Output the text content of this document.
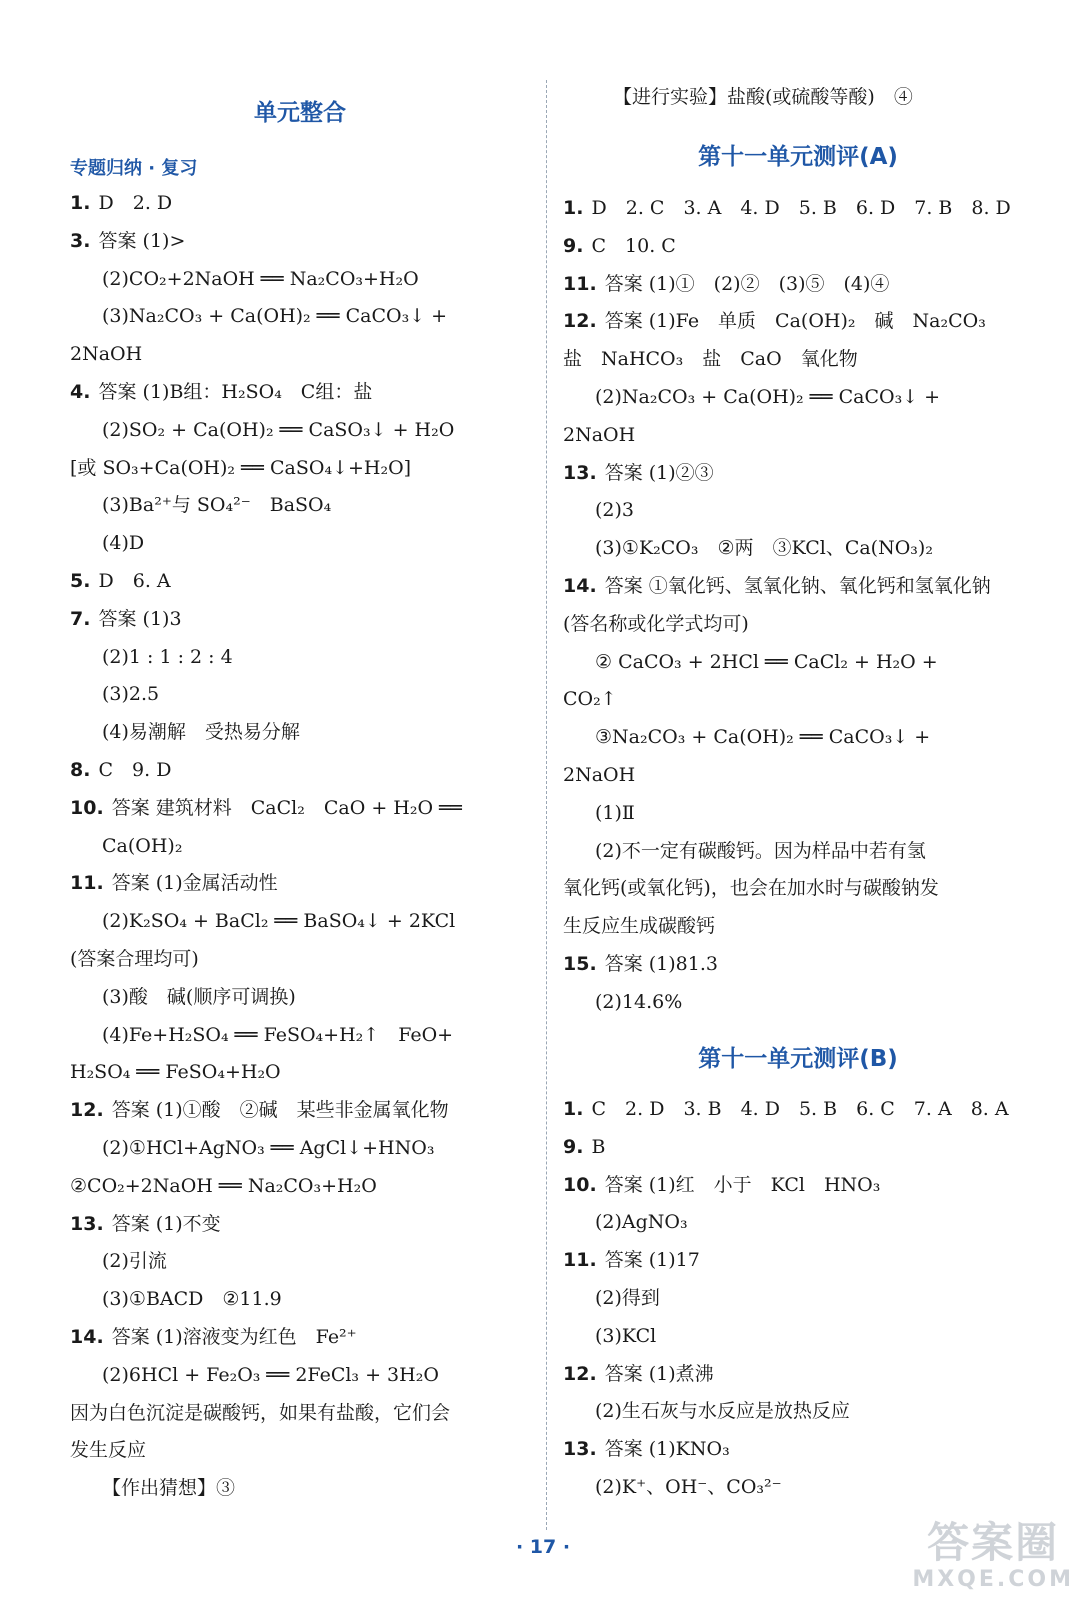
单元整合
专题归纳 · 复习
1. D　2. D
3. 答案 (1)>
(2)CO₂+2NaOH ══ Na₂CO₃+H₂O
(3)Na₂CO₃ + Ca(OH)₂ ══ CaCO₃↓ +
2NaOH
4. 答案 (1)B组：H₂SO₄　C组：盐
(2)SO₂ + Ca(OH)₂ ══ CaSO₃↓ + H₂O
[或 SO₃+Ca(OH)₂ ══ CaSO₄↓+H₂O]
(3)Ba²⁺与 SO₄²⁻　BaSO₄
(4)D
5. D　6. A
7. 答案 (1)3
(2)1 : 1 : 2 : 4
(3)2.5
(4)易潮解　受热易分解
8. C　9. D
10. 答案 建筑材料　CaCl₂　CaO + H₂O ══
Ca(OH)₂
11. 答案 (1)金属活动性
(2)K₂SO₄ + BaCl₂ ══ BaSO₄↓ + 2KCl
(答案合理均可)
(3)酸　碱(顺序可调换)
(4)Fe+H₂SO₄ ══ FeSO₄+H₂↑　FeO+
H₂SO₄ ══ FeSO₄+H₂O
12. 答案 (1)①酸　②碱　某些非金属氧化物
(2)①HCl+AgNO₃ ══ AgCl↓+HNO₃
②CO₂+2NaOH ══ Na₂CO₃+H₂O
13. 答案 (1)不变
(2)引流
(3)①BACD　②11.9
14. 答案 (1)溶液变为红色　Fe²⁺
(2)6HCl + Fe₂O₃ ══ 2FeCl₃ + 3H₂O
因为白色沉淀是碳酸钙，如果有盐酸，它们会
发生反应
【作出猜想】③
【进行实验】盐酸(或硫酸等酸)　④
第十一单元测评(A)
1. D　2. C　3. A　4. D　5. B　6. D　7. B　8. D
9. C　10. C
11. 答案 (1)①　(2)②　(3)⑤　(4)④
12. 答案 (1)Fe　单质　Ca(OH)₂　碱　Na₂CO₃
盐　NaHCO₃　盐　CaO　氧化物
(2)Na₂CO₃ + Ca(OH)₂ ══ CaCO₃↓ +
2NaOH
13. 答案 (1)②③
(2)3
(3)①K₂CO₃　②两　③KCl、Ca(NO₃)₂
14. 答案 ①氧化钙、氢氧化钠、氧化钙和氢氧化钠
(答名称或化学式均可)
② CaCO₃ + 2HCl ══ CaCl₂ + H₂O +
CO₂↑
③Na₂CO₃ + Ca(OH)₂ ══ CaCO₃↓ +
2NaOH
(1)Ⅱ
(2)不一定有碳酸钙。因为样品中若有氢
氧化钙(或氧化钙)，也会在加水时与碳酸钠发
生反应生成碳酸钙
15. 答案 (1)81.3
(2)14.6%
第十一单元测评(B)
1. C　2. D　3. B　4. D　5. B　6. C　7. A　8. A
9. B
10. 答案 (1)红　小于　KCl　HNO₃
(2)AgNO₃
11. 答案 (1)17
(2)得到
(3)KCl
12. 答案 (1)煮沸
(2)生石灰与水反应是放热反应
13. 答案 (1)KNO₃
(2)K⁺、OH⁻、CO₃²⁻
· 17 ·	答案圈
MXQE.COM
